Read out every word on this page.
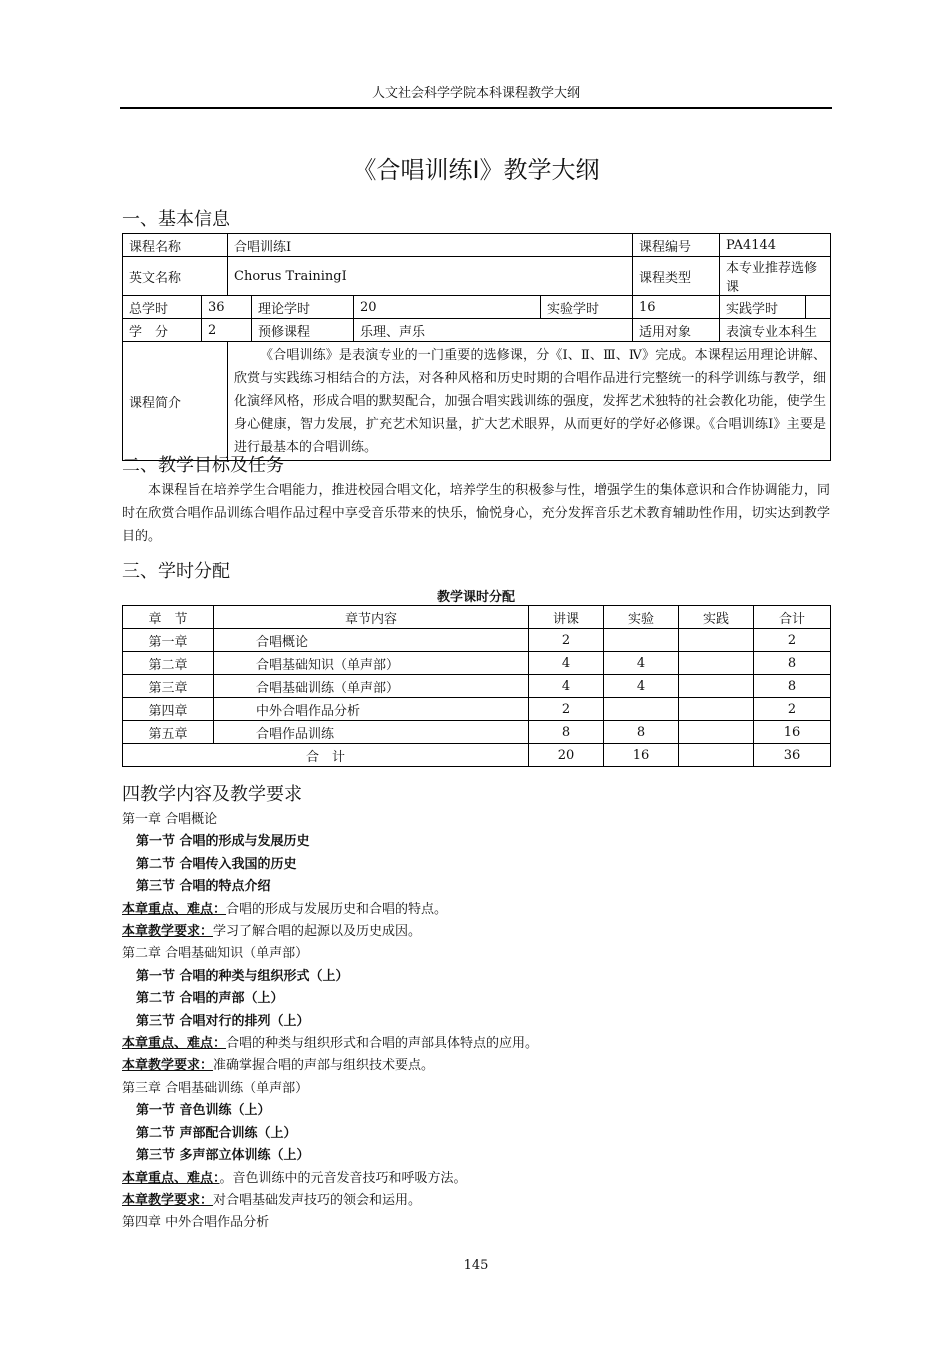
人文社会科学学院本科课程教学大纲
《合唱训练Ⅰ》教学大纲
一、基本信息
课程名称		合唱训练Ⅰ				课程编号	PA4144	
英文名称		Chorus TrainingⅠ				课程类型	本专业推荐选修课	
总学时	36		理论学时	20	实验学时	16	实践学时	
学　分	2		预修课程	乐理、声乐		适用对象	表演专业本科生	
课程简介		《合唱训练》是表演专业的一门重要的选修课，分《Ⅰ、Ⅱ、Ⅲ、Ⅳ》完成。本课程运用理论讲解、欣赏与实践练习相结合的方法，对各种风格和历史时期的合唱作品进行完整统一的科学训练与教学，细化演绎风格，形成合唱的默契配合，加强合唱实践训练的强度，发挥艺术独特的社会教化功能，使学生身心健康，智力发展，扩充艺术知识量，扩大艺术眼界，从而更好的学好必修课。《合唱训练Ⅰ》主要是进行最基本的合唱训练。						
二、教学目标及任务
本课程旨在培养学生合唱能力，推进校园合唱文化，培养学生的积极参与性，增强学生的集体意识和合作协调能力，同时在欣赏合唱作品训练合唱作品过程中享受音乐带来的快乐，愉悦身心，充分发挥音乐艺术教育辅助性作用，切实达到教学目的。
三、学时分配
教学课时分配
章　节	章节内容	讲课	实验	实践	合计
第一章	合唱概论	2			2
第二章	合唱基础知识（单声部）	4	4		8
第三章	合唱基础训练（单声部）	4	4		8
第四章	中外合唱作品分析	2			2
第五章	合唱作品训练	8	8		16
合　计		20	16		36
四教学内容及教学要求
第一章 合唱概论
第一节 合唱的形成与发展历史
第二节 合唱传入我国的历史
第三节 合唱的特点介绍
本章重点、难点：合唱的形成与发展历史和合唱的特点。
本章教学要求：学习了解合唱的起源以及历史成因。
第二章 合唱基础知识（单声部）
第一节 合唱的种类与组织形式（上）
第二节 合唱的声部（上）
第三节 合唱对行的排列（上）
本章重点、难点：合唱的种类与组织形式和合唱的声部具体特点的应用。
本章教学要求：准确掌握合唱的声部与组织技术要点。
第三章 合唱基础训练（单声部）
第一节 音色训练（上）
第二节 声部配合训练（上）
第三节 多声部立体训练（上）
本章重点、难点：。音色训练中的元音发音技巧和呼吸方法。
本章教学要求：对合唱基础发声技巧的领会和运用。
第四章 中外合唱作品分析
145
